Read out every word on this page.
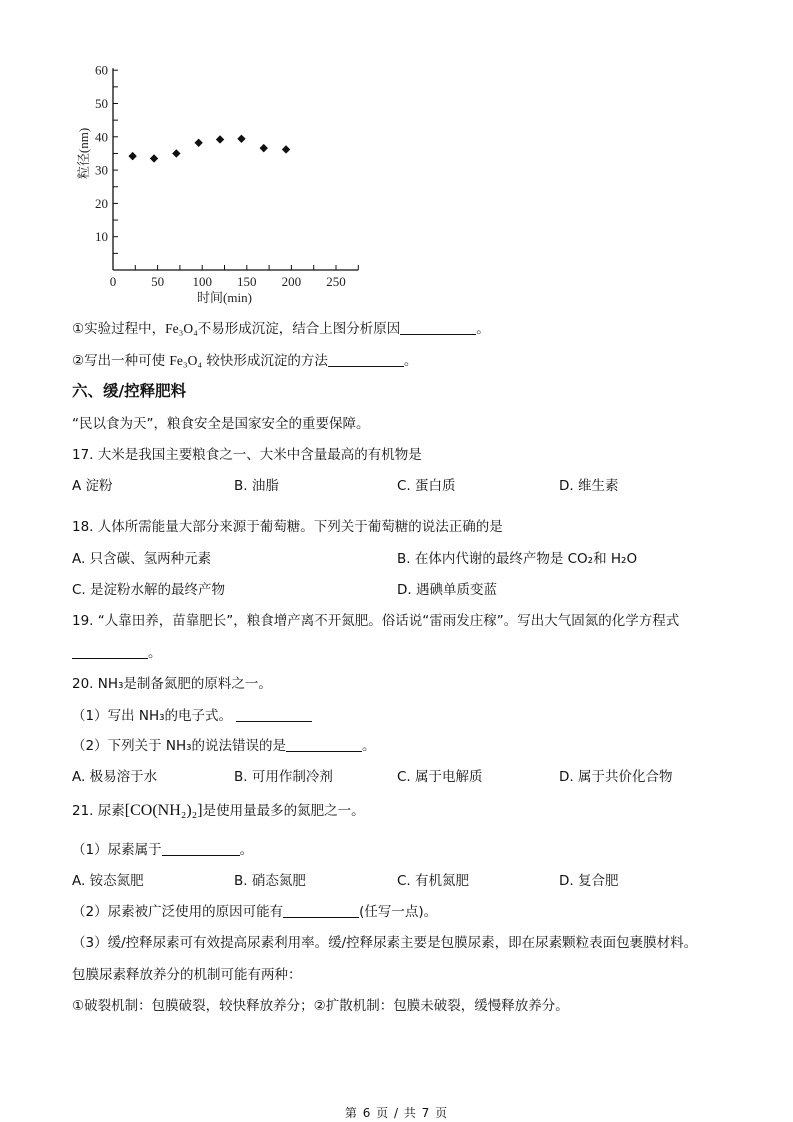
10
20
30
40
50
60
0	50 100 150 200 250
时间(min)
粒径(nm)
①实验过程中，Fe₃O₄不易形成沉淀，结合上图分析原因	。
②写出一种可使 Fe₃O₄ 较快形成沉淀的方法	。
六、缓/控释肥料
“民以食为天”，粮食安全是国家安全的重要保障。
17. 大米是我国主要粮食之一、大米中含量最高的有机物是
A 淀粉	B. 油脂	C. 蛋白质	D. 维生素
18. 人体所需能量大部分来源于葡萄糖。下列关于葡萄糖的说法正确的是
A. 只含碳、氢两种元素	B. 在体内代谢的最终产物是 CO₂和 H₂O
C. 是淀粉水解的最终产物	D. 遇碘单质变蓝
19. “人靠田养，苗靠肥长”，粮食增产离不开氮肥。俗话说“雷雨发庄稼”。写出大气固氮的化学方程式
。
20. NH₃是制备氮肥的原料之一。
（1）写出 NH₃的电子式。
（2）下列关于 NH₃的说法错误的是	。
A. 极易溶于水	B. 可用作制冷剂	C. 属于电解质	D. 属于共价化合物
21. 尿素[CO(NH₂)₂]是使用量最多的氮肥之一。
（1）尿素属于	。
A. 铵态氮肥	B. 硝态氮肥	C. 有机氮肥	D. 复合肥
（2）尿素被广泛使用的原因可能有	(任写一点)。
（3）缓/控释尿素可有效提高尿素利用率。缓/控释尿素主要是包膜尿素，即在尿素颗粒表面包裹膜材料。
包膜尿素释放养分的机制可能有两种：
①破裂机制：包膜破裂，较快释放养分；②扩散机制：包膜未破裂，缓慢释放养分。
第 6 页 / 共 7 页
